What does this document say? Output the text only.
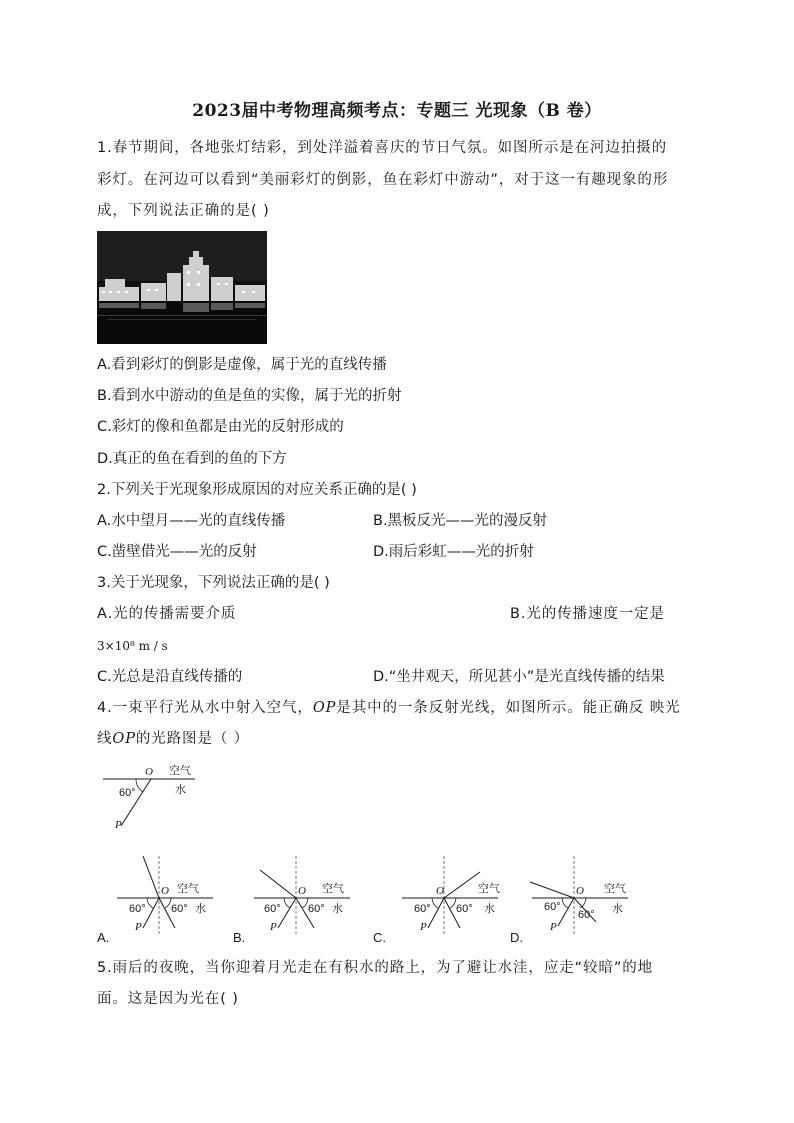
2023届中考物理高频考点：专题三 光现象（B 卷）
1.春节期间，各地张灯结彩，到处洋溢着喜庆的节日气氛。如图所示是在河边拍摄的
彩灯。在河边可以看到“美丽彩灯的倒影，鱼在彩灯中游动”，对于这一有趣现象的形
成，下列说法正确的是( )
A.看到彩灯的倒影是虚像，属于光的直线传播
B.看到水中游动的鱼是鱼的实像，属于光的折射
C.彩灯的像和鱼都是由光的反射形成的
D.真正的鱼在看到的鱼的下方
2.下列关于光现象形成原因的对应关系正确的是( )
A.水中望月——光的直线传播	B.黑板反光——光的漫反射
C.凿壁借光——光的反射	D.雨后彩虹——光的折射
3.关于光现象，下列说法正确的是( )
A.光的传播需要介质	B.光的传播速度一定是
3×10⁸ m / s
C.光总是沿直线传播的	D.“坐井观天，所见甚小”是光直线传播的结果
4.一束平行光从水中射入空气，OP是其中的一条反射光线，如图所示。能正确反 映光
线OP的光路图是（ ）
O 空气
水
60°
P
O 空气
水
60° 60°
P
A.
O 空气
水
60° 60°
P
B.
O	空气
水
60° 60°
P
C.
O 空气
水
60°
60°
P
D.
5.雨后的夜晚，当你迎着月光走在有积水的路上，为了避让水洼，应走“较暗”的地
面。这是因为光在( )
